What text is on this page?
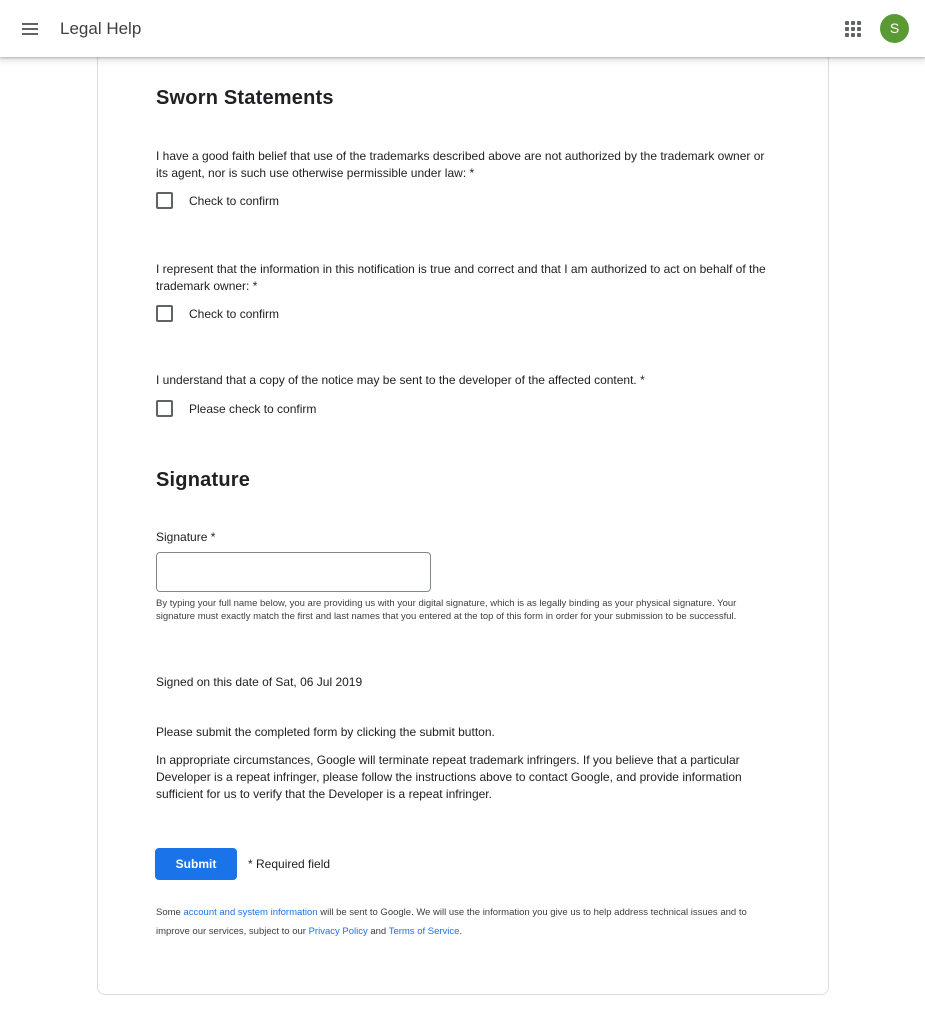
Legal Help	S
Sworn Statements
I have a good faith belief that use of the trademarks described above are not authorized by the trademark owner or its agent, nor is such use otherwise permissible under law: *
Check to confirm
I represent that the information in this notification is true and correct and that I am authorized to act on behalf of the trademark owner: *
Check to confirm
I understand that a copy of the notice may be sent to the developer of the affected content. *
Please check to confirm
Signature
Signature *
By typing your full name below, you are providing us with your digital signature, which is as legally binding as your physical signature. Your signature must exactly match the first and last names that you entered at the top of this form in order for your submission to be successful.
Signed on this date of Sat, 06 Jul 2019
Please submit the completed form by clicking the submit button.
In appropriate circumstances, Google will terminate repeat trademark infringers. If you believe that a particular Developer is a repeat infringer, please follow the instructions above to contact Google, and provide information sufficient for us to verify that the Developer is a repeat infringer.
Submit	* Required field
Some account and system information will be sent to Google. We will use the information you give us to help address technical issues and to improve our services, subject to our Privacy Policy and Terms of Service.
